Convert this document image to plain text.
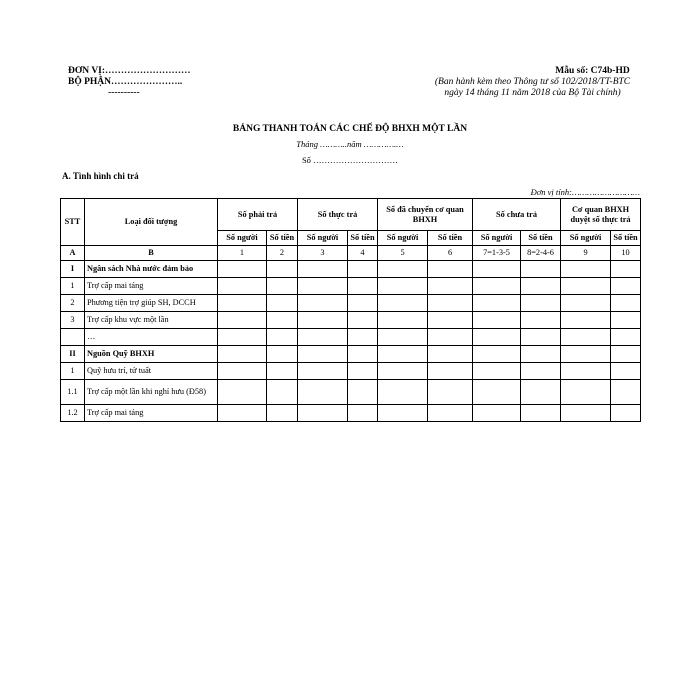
ĐƠN VỊ:………………………
BỘ PHẬN…………………..
----------
Mẫu số: C74b-HD
(Ban hành kèm theo Thông tư số 102/2018/TT-BTC
ngày 14 tháng 11 năm 2018 của Bộ Tài chính)
BẢNG THANH TOÁN CÁC CHẾ ĐỘ BHXH MỘT LẦN
Tháng ………..năm ………….…
Số …………………………
A. Tình hình chi trả
Đơn vị tính:………………………
STT	Loại đối tượng	Số phải trả		Số thực trả		Số đã chuyển cơ quan BHXH		Số chưa trả		Cơ quan BHXH duyệt số thực trả	
		Số người	Số tiền	Số người	Số tiền	Số người	Số tiền	Số người	Số tiền	Số người	Số tiền
A	B	1	2	3	4	5	6	7=1-3-5	8=2-4-6	9	10
I	Ngân sách Nhà nước đảm bảo										
1	Trợ cấp mai táng										
2	Phương tiện trợ giúp SH, DCCH										
3	Trợ cấp khu vực một lần										
	…										
II	Nguồn Quỹ BHXH										
1	Quỹ hưu trí, tử tuất										
1.1	Trợ cấp một lần khi nghỉ hưu (Đ58)										
1.2	Trợ cấp mai táng										
